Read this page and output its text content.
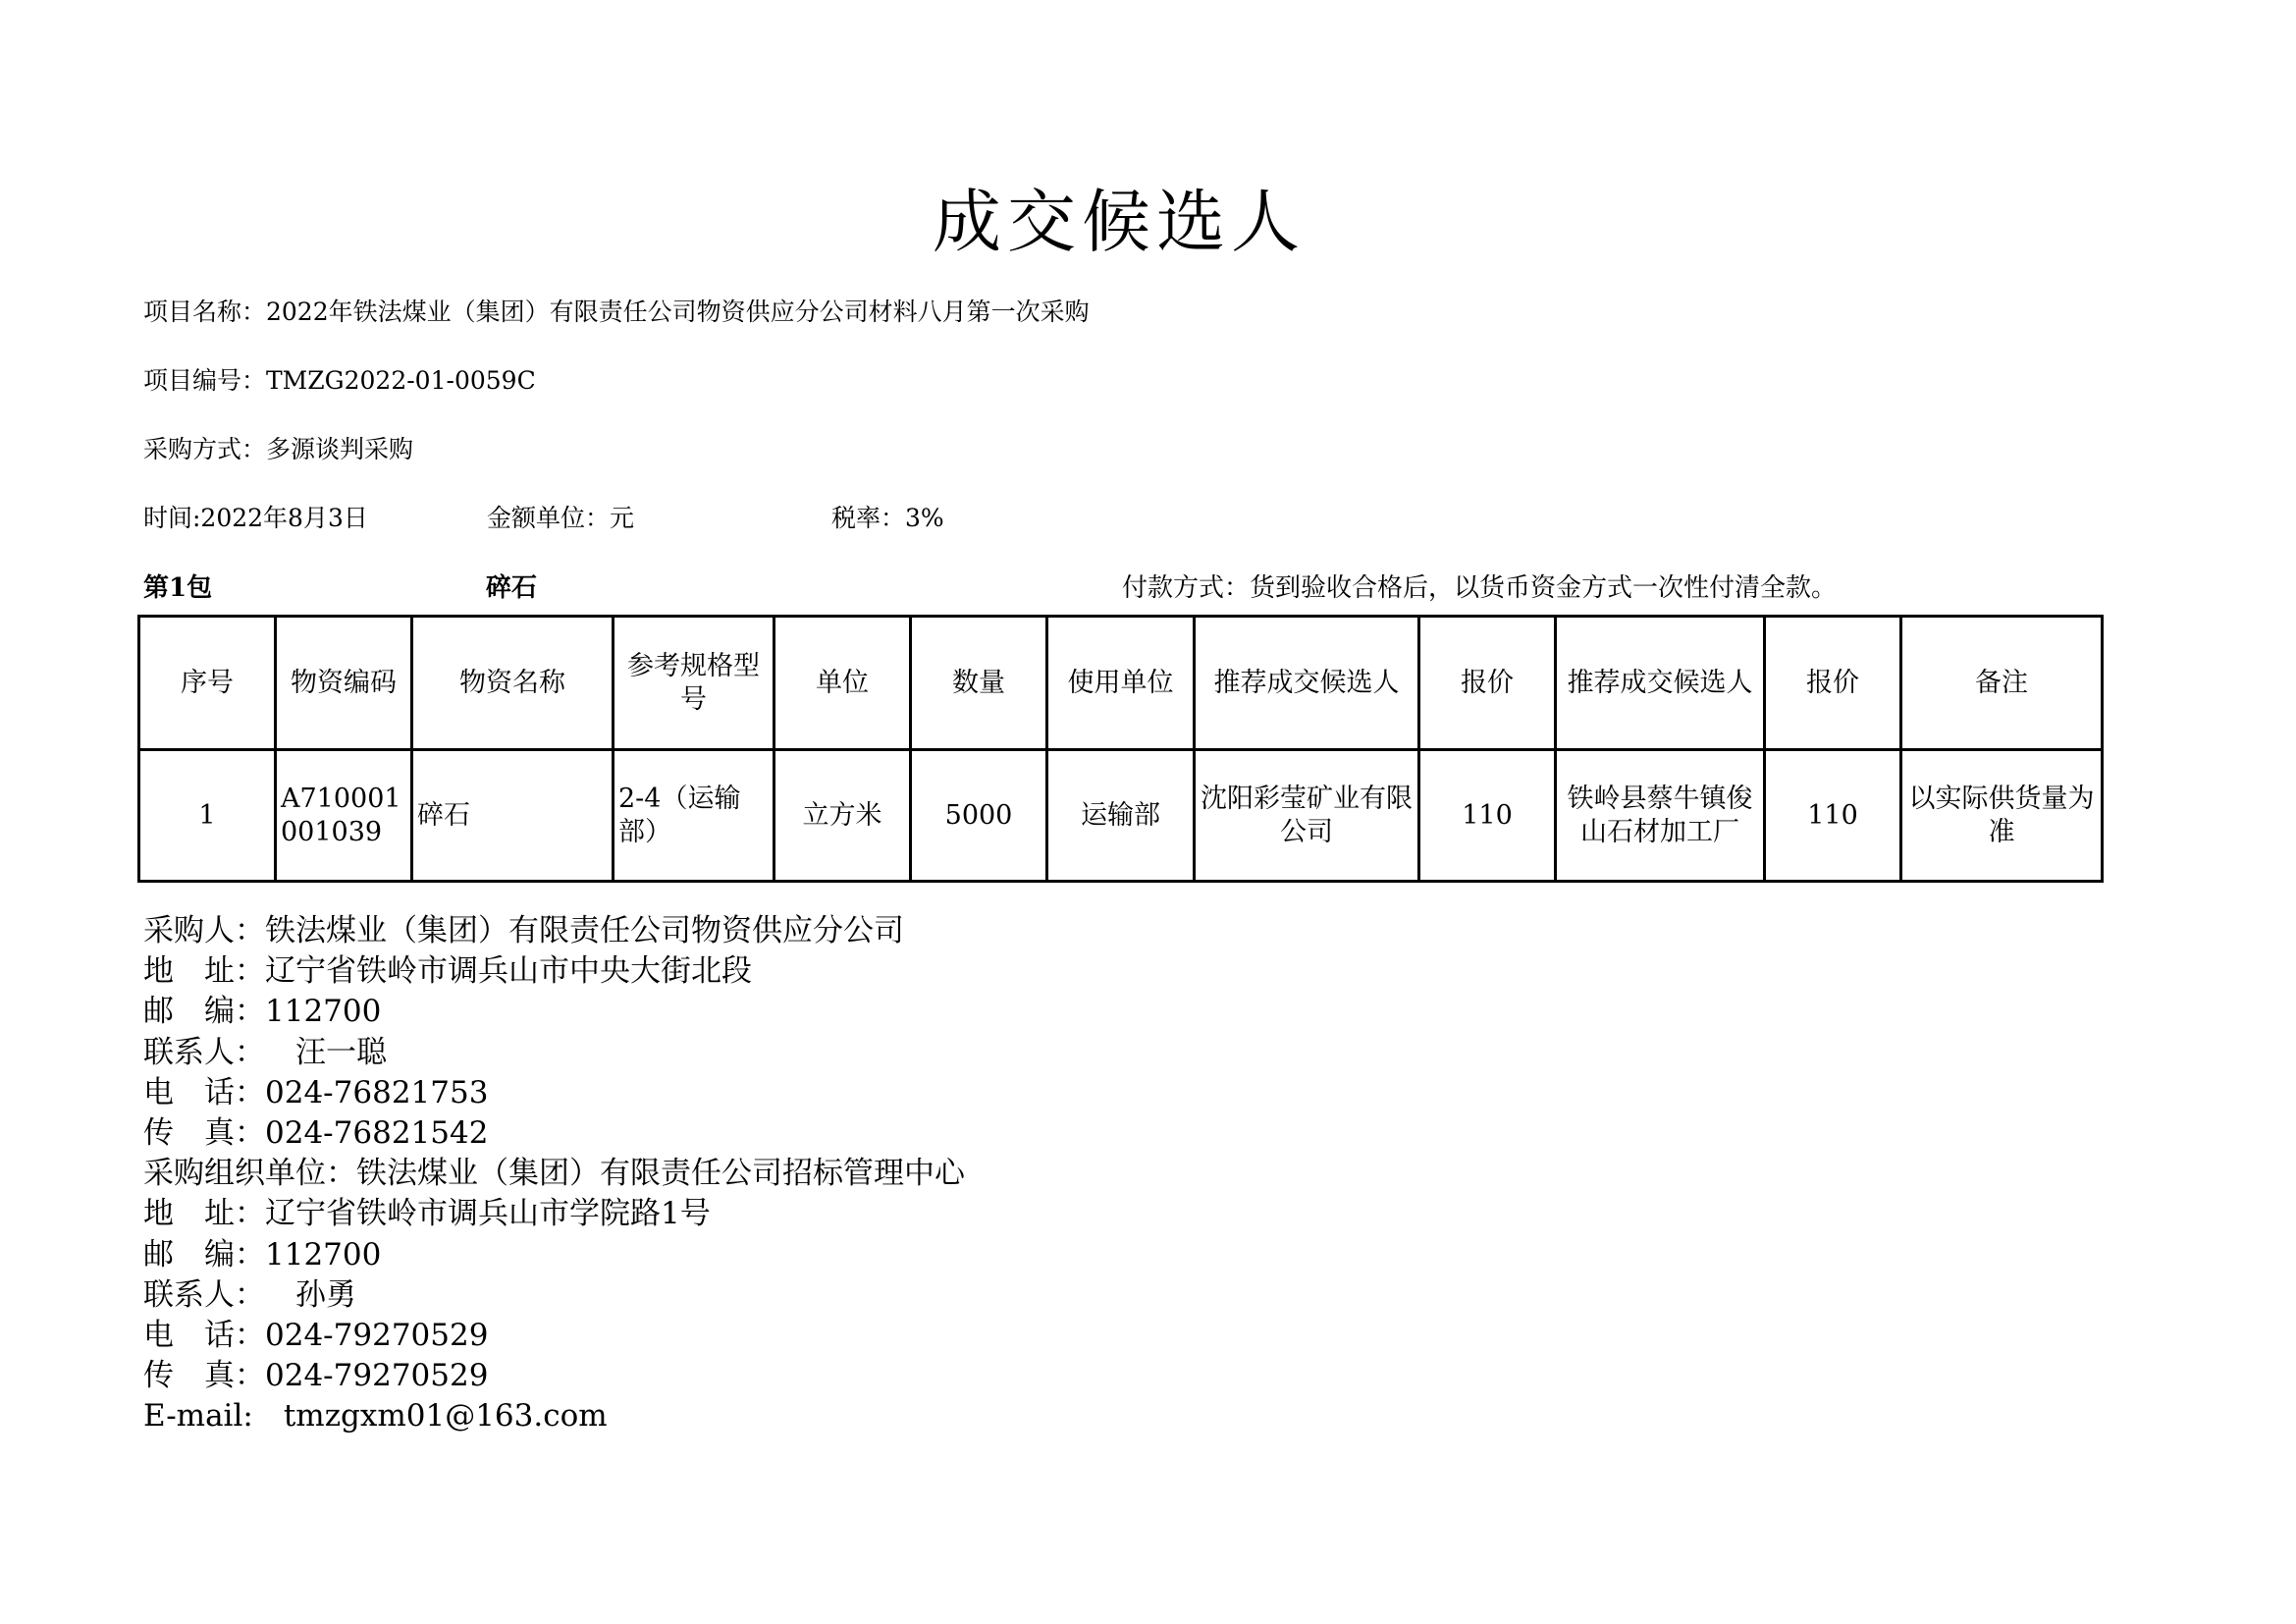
成交候选人
项目名称：2022年铁法煤业（集团）有限责任公司物资供应分公司材料八月第一次采购
项目编号：TMZG2022-01-0059C
采购方式：多源谈判采购
时间:2022年8月3日	金额单位：元	税率：3%
第1包	碎石	付款方式：货到验收合格后，以货币资金方式一次性付清全款。
序号	物资编码	物资名称	参考规格型号	单位	数量	使用单位	推荐成交候选人	报价	推荐成交候选人	报价	备注
1	A710001001039	碎石	2-4（运输部）	立方米	5000	运输部	沈阳彩莹矿业有限公司	110	铁岭县蔡牛镇俊山石材加工厂	110	以实际供货量为准
采购人：铁法煤业（集团）有限责任公司物资供应分公司
地　址：辽宁省铁岭市调兵山市中央大街北段
邮　编：112700
联系人：　汪一聪
电　话：024-76821753
传　真：024-76821542
采购组织单位：铁法煤业（集团）有限责任公司招标管理中心
地　址：辽宁省铁岭市调兵山市学院路1号
邮　编：112700
联系人：　孙勇
电　话：024-79270529
传　真：024-79270529
E-mail:　tmzgxm01@163.com
